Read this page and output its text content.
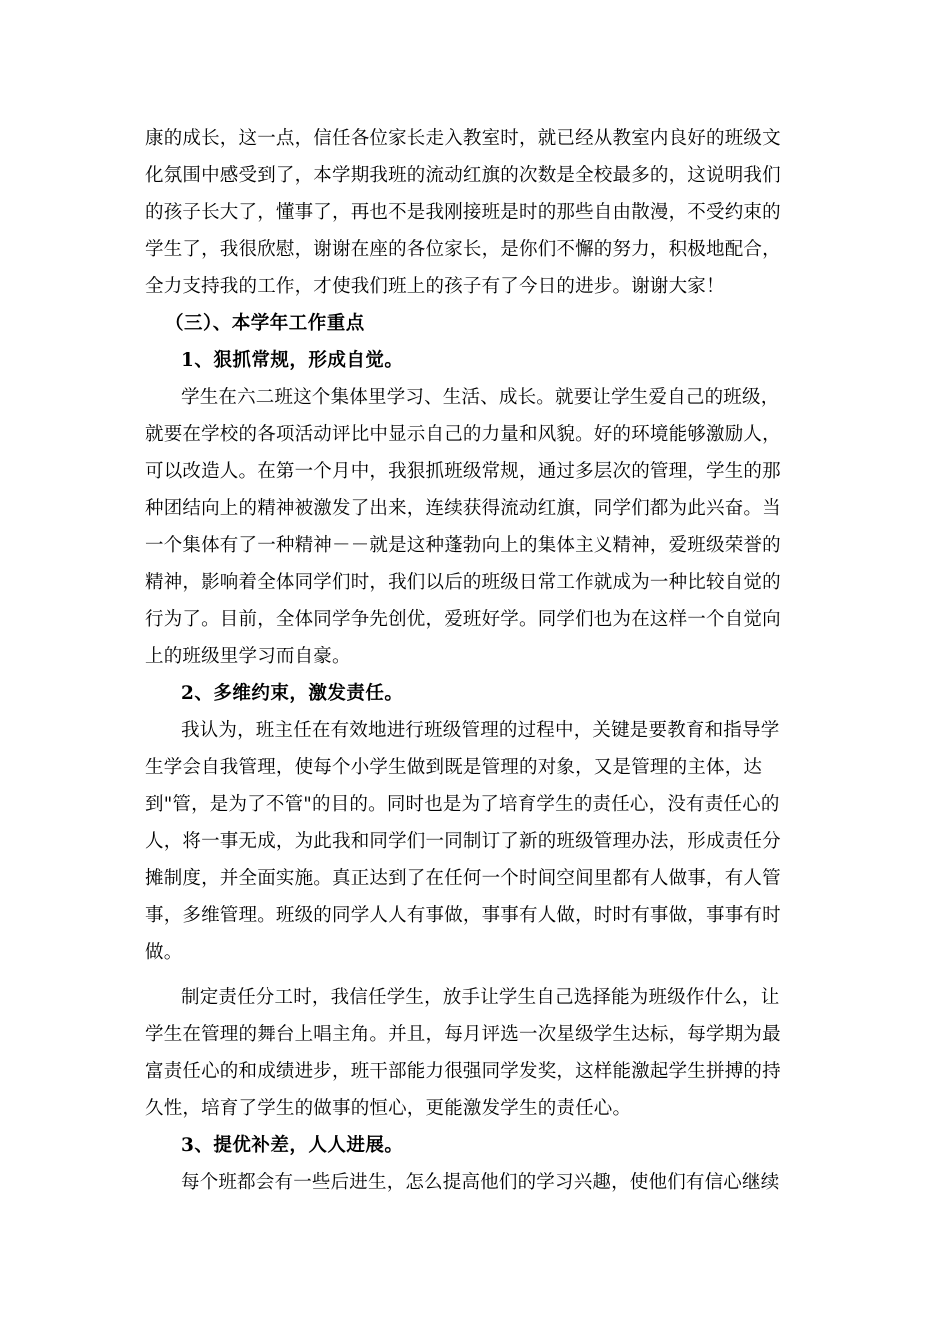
康的成长，这一点，信任各位家长走入教室时，就已经从教室内良好的班级文
化氛围中感受到了，本学期我班的流动红旗的次数是全校最多的，这说明我们
的孩子长大了，懂事了，再也不是我刚接班是时的那些自由散漫，不受约束的
学生了，我很欣慰，谢谢在座的各位家长，是你们不懈的努力，积极地配合，
全力支持我的工作，才使我们班上的孩子有了今日的进步。谢谢大家！
（三）、本学年工作重点
1、狠抓常规，形成自觉。
学生在六二班这个集体里学习、生活、成长。就要让学生爱自己的班级，
就要在学校的各项活动评比中显示自己的力量和风貌。好的环境能够激励人，
可以改造人。在第一个月中，我狠抓班级常规，通过多层次的管理，学生的那
种团结向上的精神被激发了出来，连续获得流动红旗，同学们都为此兴奋。当
一个集体有了一种精神－－就是这种蓬勃向上的集体主义精神，爱班级荣誉的
精神，影响着全体同学们时，我们以后的班级日常工作就成为一种比较自觉的
行为了。目前，全体同学争先创优，爱班好学。同学们也为在这样一个自觉向
上的班级里学习而自豪。
2、多维约束，激发责任。
我认为，班主任在有效地进行班级管理的过程中，关键是要教育和指导学
生学会自我管理，使每个小学生做到既是管理的对象，又是管理的主体，达
到"管，是为了不管"的目的。同时也是为了培育学生的责任心，没有责任心的
人，将一事无成，为此我和同学们一同制订了新的班级管理办法，形成责任分
摊制度，并全面实施。真正达到了在任何一个时间空间里都有人做事，有人管
事，多维管理。班级的同学人人有事做，事事有人做，时时有事做，事事有时
做。
制定责任分工时，我信任学生，放手让学生自己选择能为班级作什么，让
学生在管理的舞台上唱主角。并且，每月评选一次星级学生达标，每学期为最
富责任心的和成绩进步，班干部能力很强同学发奖，这样能激起学生拼搏的持
久性，培育了学生的做事的恒心，更能激发学生的责任心。
3、提优补差，人人进展。
每个班都会有一些后进生，怎么提高他们的学习兴趣，使他们有信心继续
